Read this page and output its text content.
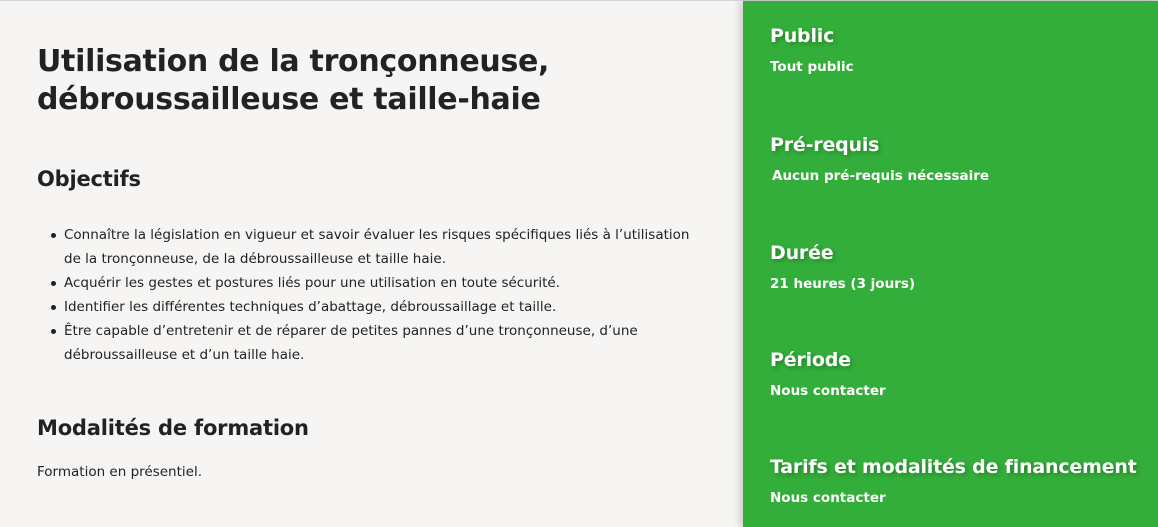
Utilisation de la tronçonneuse, débroussailleuse et taille-haie
Objectifs
Connaître la législation en vigueur et savoir évaluer les risques spécifiques liés à l’utilisation de la tronçonneuse, de la débroussailleuse et taille haie.
Acquérir les gestes et postures liés pour une utilisation en toute sécurité.
Identifier les différentes techniques d’abattage, débroussaillage et taille.
Être capable d’entretenir et de réparer de petites pannes d’une tronçonneuse, d’une débroussailleuse et d’un taille haie.
Modalités de formation

Formation en présentiel.

Public
Tout public
Pré-requis
Aucun pré-requis nécessaire
Durée
21 heures (3 jours)
Période
Nous contacter
Tarifs et modalités de financement
Nous contacter
